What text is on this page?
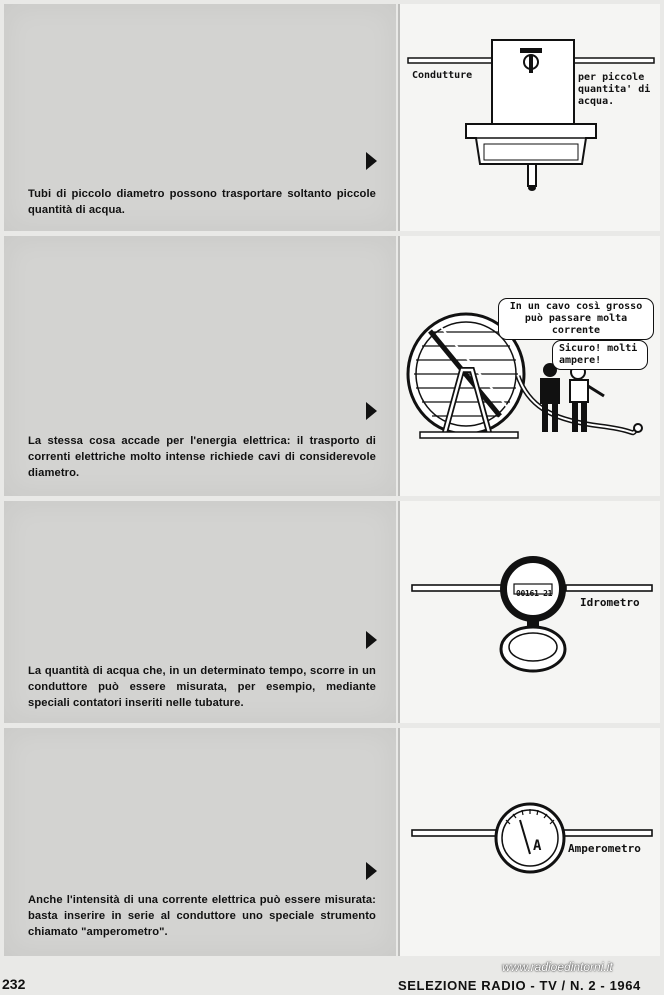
Tubi di piccolo diametro possono trasportare soltanto piccole quantità di acqua.
Condutture	per piccole quantita' di acqua.
La stessa cosa accade per l'energia elettrica: il trasporto di correnti elettriche molto intense richiede cavi di considerevole diametro.
In un cavo così grosso può passare molta corrente
Sicuro! molti ampere!
La quantità di acqua che, in un determinato tempo, scorre in un conduttore può essere misurata, per esempio, mediante speciali contatori inseriti nelle tubature.
00161 21
Idrometro
Anche l'intensità di una corrente elettrica può essere misurata: basta inserire in serie al conduttore uno speciale strumento chiamato "amperometro".
A Amperometro
232	SELEZIONE RADIO - TV / N. 2 - 1964
www.radioedintorni.it
